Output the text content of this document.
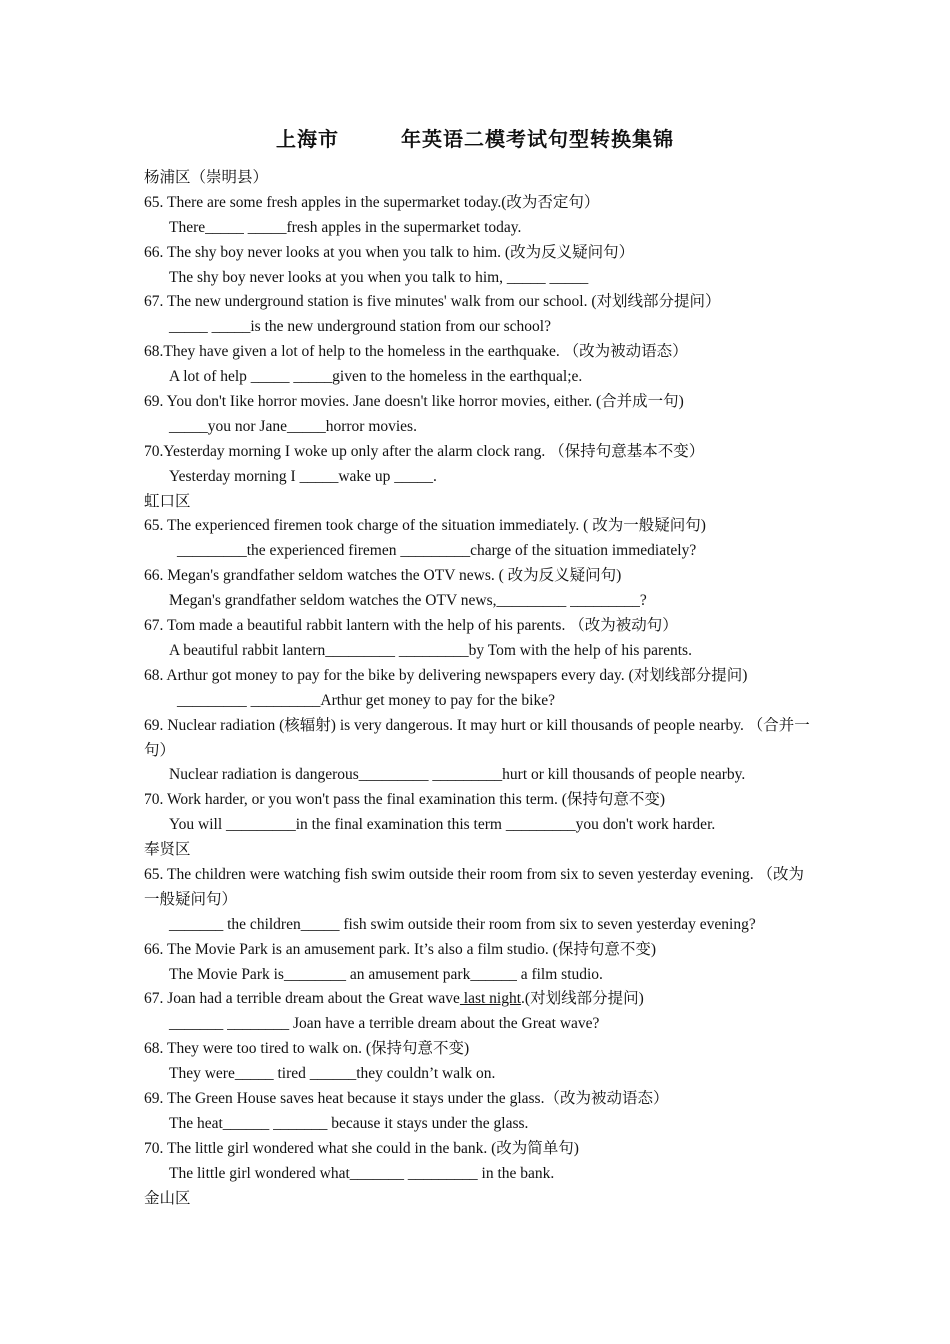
上海市	年英语二模考试句型转换集锦
杨浦区（崇明县）
65. There are some fresh apples in the supermarket today.(改为否定句）
There_____ _____fresh apples in the supermarket today.
66. The shy boy never looks at you when you talk to him. (改为反义疑问句）
The shy boy never looks at you when you talk to him, _____ _____
67. The new underground station is five minutes' walk from our school. (对划线部分提问）
_____ _____is the new underground station from our school?
68.They have given a lot of help to the homeless in the earthquake. （改为被动语态）
A lot of help _____ _____given to the homeless in the earthqual;e.
69. You don't Iike horror movies. Jane doesn't like horror movies, either. (合并成一句)
_____you nor Jane_____horror movies.
70.Yesterday morning I woke up only after the alarm clock rang. （保持句意基本不变）
Yesterday morning I _____wake up _____.
虹口区
65. The experienced firemen took charge of the situation immediately. ( 改为一般疑问句)
_________the experienced firemen _________charge of the situation immediately?
66. Megan's grandfather seldom watches the OTV news. ( 改为反义疑问句)
Megan's grandfather seldom watches the OTV news,_________ _________?
67. Tom made a beautiful rabbit lantern with the help of his parents. （改为被动句）
A beautiful rabbit lantern_________ _________by Tom with the help of his parents.
68. Arthur got money to pay for the bike by delivering newspapers every day. (对划线部分提问)
_________ _________Arthur get money to pay for the bike?
69. Nuclear radiation (核辐射) is very dangerous. It may hurt or kill thousands of people nearby. （合并一句）
Nuclear radiation is dangerous_________ _________hurt or kill thousands of people nearby.
70. Work harder, or you won't pass the final examination this term. (保持句意不变)
You will _________in the final examination this term _________you don't work harder.
奉贤区
65. The children were watching fish swim outside their room from six to seven yesterday evening. （改为一般疑问句）
_______ the children_____ fish swim outside their room from six to seven yesterday evening?
66. The Movie Park is an amusement park. It’s also a film studio. (保持句意不变)
The Movie Park is________ an amusement park______ a film studio.
67. Joan had a terrible dream about the Great wave last night.(对划线部分提问)
_______ ________ Joan have a terrible dream about the Great wave?
68. They were too tired to walk on. (保持句意不变)
They were_____ tired ______they couldn’t walk on.
69. The Green House saves heat because it stays under the glass.（改为被动语态）
The heat______ _______ because it stays under the glass.
70. The little girl wondered what she could in the bank. (改为简单句)
The little girl wondered what_______ _________ in the bank.
金山区
